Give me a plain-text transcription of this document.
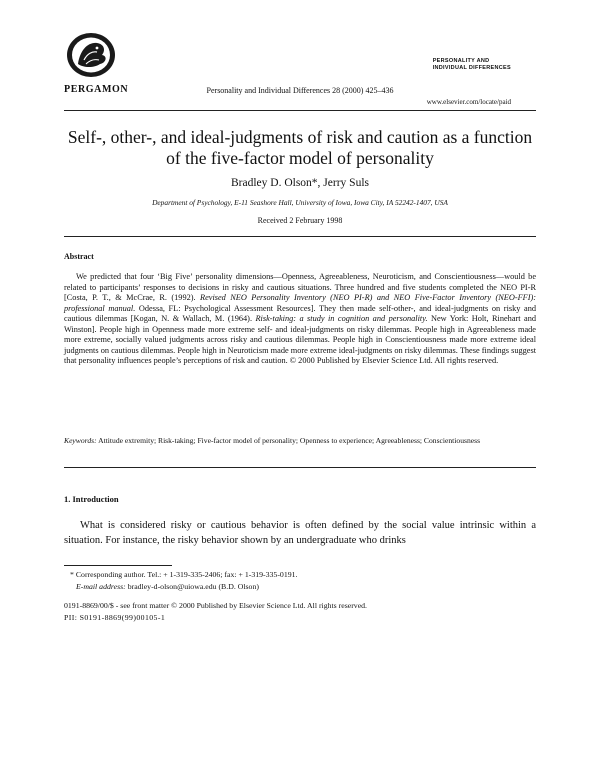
PERGAMON	Personality and Individual Differences 28 (2000) 425–436
PERSONALITY AND
INDIVIDUAL DIFFERENCES
www.elsevier.com/locate/paid
Self-, other-, and ideal-judgments of risk and caution as a function of the five-factor model of personality
Bradley D. Olson*, Jerry Suls
Department of Psychology, E-11 Seashore Hall, University of Iowa, Iowa City, IA 52242-1407, USA
Received 2 February 1998
Abstract
We predicted that four ‘Big Five’ personality dimensions—Openness, Agreeableness, Neuroticism, and Conscientiousness—would be related to participants’ responses to decisions in risky and cautious situations. Three hundred and five students completed the NEO PI-R [Costa, P. T., & McCrae, R. (1992). Revised NEO Personality Inventory (NEO PI-R) and NEO Five-Factor Inventory (NEO-FFI): professional manual. Odessa, FL: Psychological Assessment Resources]. They then made self-other-, and ideal-judgments on risky and cautious dilemmas [Kogan, N. & Wallach, M. (1964). Risk-taking: a study in cognition and personality. New York: Holt, Rinehart and Winston]. People high in Openness made more extreme self- and ideal-judgments on risky dilemmas. People high in Agreeableness made more extreme, socially valued judgments across risky and cautious dilemmas. People high in Conscientiousness made more extreme ideal judgments on cautious dilemmas. People high in Neuroticism made more extreme ideal-judgments on risky dilemmas. These findings suggest that personality influences people’s perceptions of risk and caution. © 2000 Published by Elsevier Science Ltd. All rights reserved.
Keywords: Attitude extremity; Risk-taking; Five-factor model of personality; Openness to experience; Agreeableness; Conscientiousness
1. Introduction
What is considered risky or cautious behavior is often defined by the social value intrinsic within a situation. For instance, the risky behavior shown by an undergraduate who drinks
* Corresponding author. Tel.: + 1-319-335-2406; fax: + 1-319-335-0191.
E-mail address: bradley-d-olson@uiowa.edu (B.D. Olson)
0191-8869/00/$ - see front matter © 2000 Published by Elsevier Science Ltd. All rights reserved.
PII: S0191-8869(99)00105-1
